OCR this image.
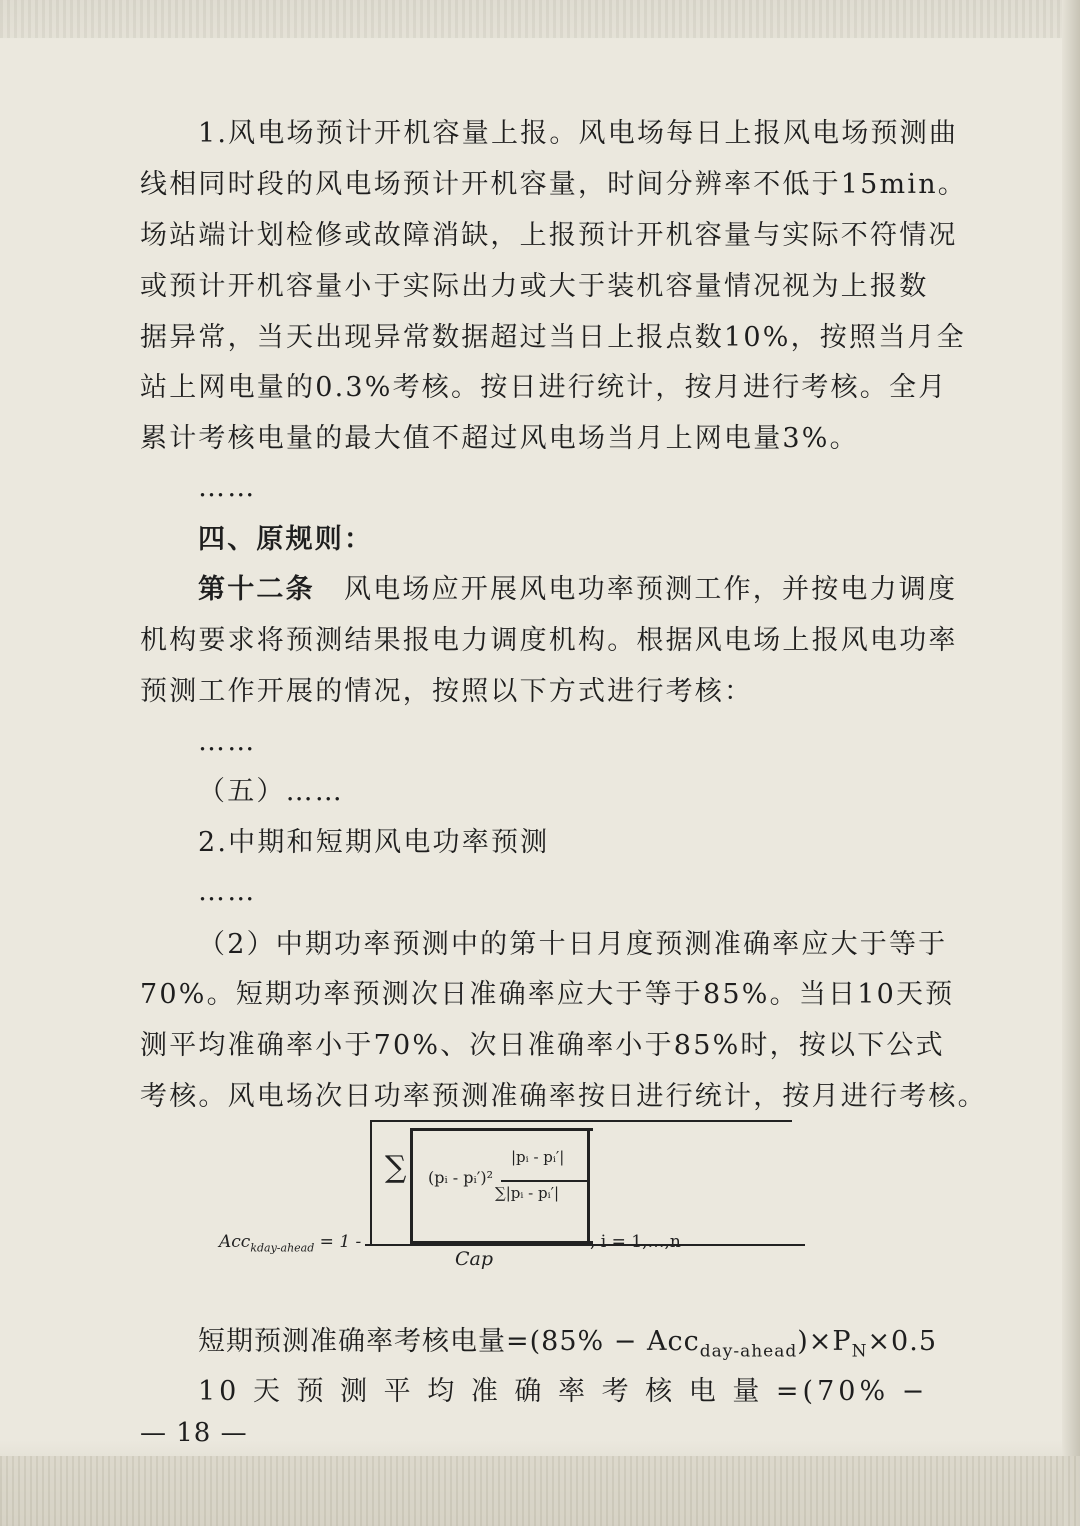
1.风电场预计开机容量上报。风电场每日上报风电场预测曲
线相同时段的风电场预计开机容量，时间分辨率不低于15min。
场站端计划检修或故障消缺，上报预计开机容量与实际不符情况
或预计开机容量小于实际出力或大于装机容量情况视为上报数
据异常，当天出现异常数据超过当日上报点数10%，按照当月全
站上网电量的0.3%考核。按日进行统计，按月进行考核。全月
累计考核电量的最大值不超过风电场当月上网电量3%。
……
四、原规则：
第十二条　风电场应开展风电功率预测工作，并按电力调度
机构要求将预测结果报电力调度机构。根据风电场上报风电功率
预测工作开展的情况，按照以下方式进行考核：
……
（五）……
2.中期和短期风电功率预测
……
（2）中期功率预测中的第十日月度预测准确率应大于等于
70%。短期功率预测次日准确率应大于等于85%。当日10天预
测平均准确率小于70%、次日准确率小于85%时，按以下公式
考核。风电场次日功率预测准确率按日进行统计，按月进行考核。
∑ (pᵢ - pᵢ′)²
|pᵢ - pᵢ′|
∑|pᵢ - pᵢ′|
Acc$_{kday-ahead}$ = 1 -
Cap
, i = 1,…,n
短期预测准确率考核电量$=(85\% - Acc_{day-ahead})\times P_N\times 0.5$
10 天 预 测 平 均 准 确 率 考 核 电 量 =(70% −
— 18 —
